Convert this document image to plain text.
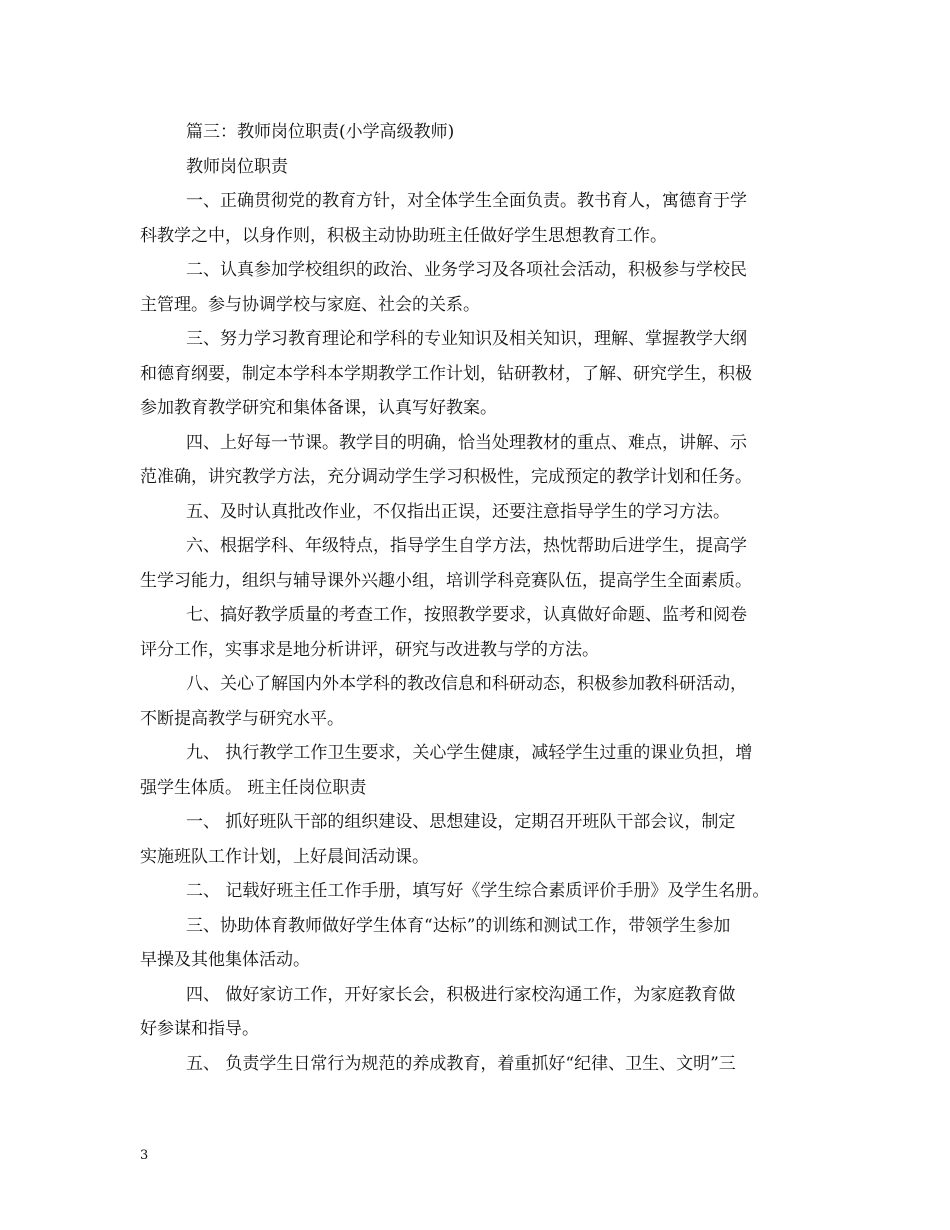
篇三：教师岗位职责(小学高级教师)
教师岗位职责
一、正确贯彻党的教育方针，对全体学生全面负责。教书育人，寓德育于学
科教学之中，以身作则，积极主动协助班主任做好学生思想教育工作。
二、认真参加学校组织的政治、业务学习及各项社会活动，积极参与学校民
主管理。参与协调学校与家庭、社会的关系。
三、努力学习教育理论和学科的专业知识及相关知识，理解、掌握教学大纲
和德育纲要，制定本学科本学期教学工作计划，钻研教材，了解、研究学生，积极
参加教育教学研究和集体备课，认真写好教案。
四、上好每一节课。教学目的明确，恰当处理教材的重点、难点，讲解、示
范准确，讲究教学方法，充分调动学生学习积极性，完成预定的教学计划和任务。
五、及时认真批改作业，不仅指出正误，还要注意指导学生的学习方法。
六、根据学科、年级特点，指导学生自学方法，热忱帮助后进学生，提高学
生学习能力，组织与辅导课外兴趣小组，培训学科竞赛队伍，提高学生全面素质。
七、搞好教学质量的考查工作，按照教学要求，认真做好命题、监考和阅卷
评分工作，实事求是地分析讲评，研究与改进教与学的方法。
八、关心了解国内外本学科的教改信息和科研动态，积极参加教科研活动，
不断提高教学与研究水平。
九、 执行教学工作卫生要求，关心学生健康，减轻学生过重的课业负担，增
强学生体质。 班主任岗位职责
一、 抓好班队干部的组织建设、思想建设，定期召开班队干部会议，制定
实施班队工作计划，上好晨间活动课。
二、 记载好班主任工作手册，填写好《学生综合素质评价手册》及学生名册。
三、协助体育教师做好学生体育“达标”的训练和测试工作，带领学生参加
早操及其他集体活动。
四、 做好家访工作，开好家长会，积极进行家校沟通工作，为家庭教育做
好参谋和指导。
五、 负责学生日常行为规范的养成教育，着重抓好“纪律、卫生、文明”三
3
